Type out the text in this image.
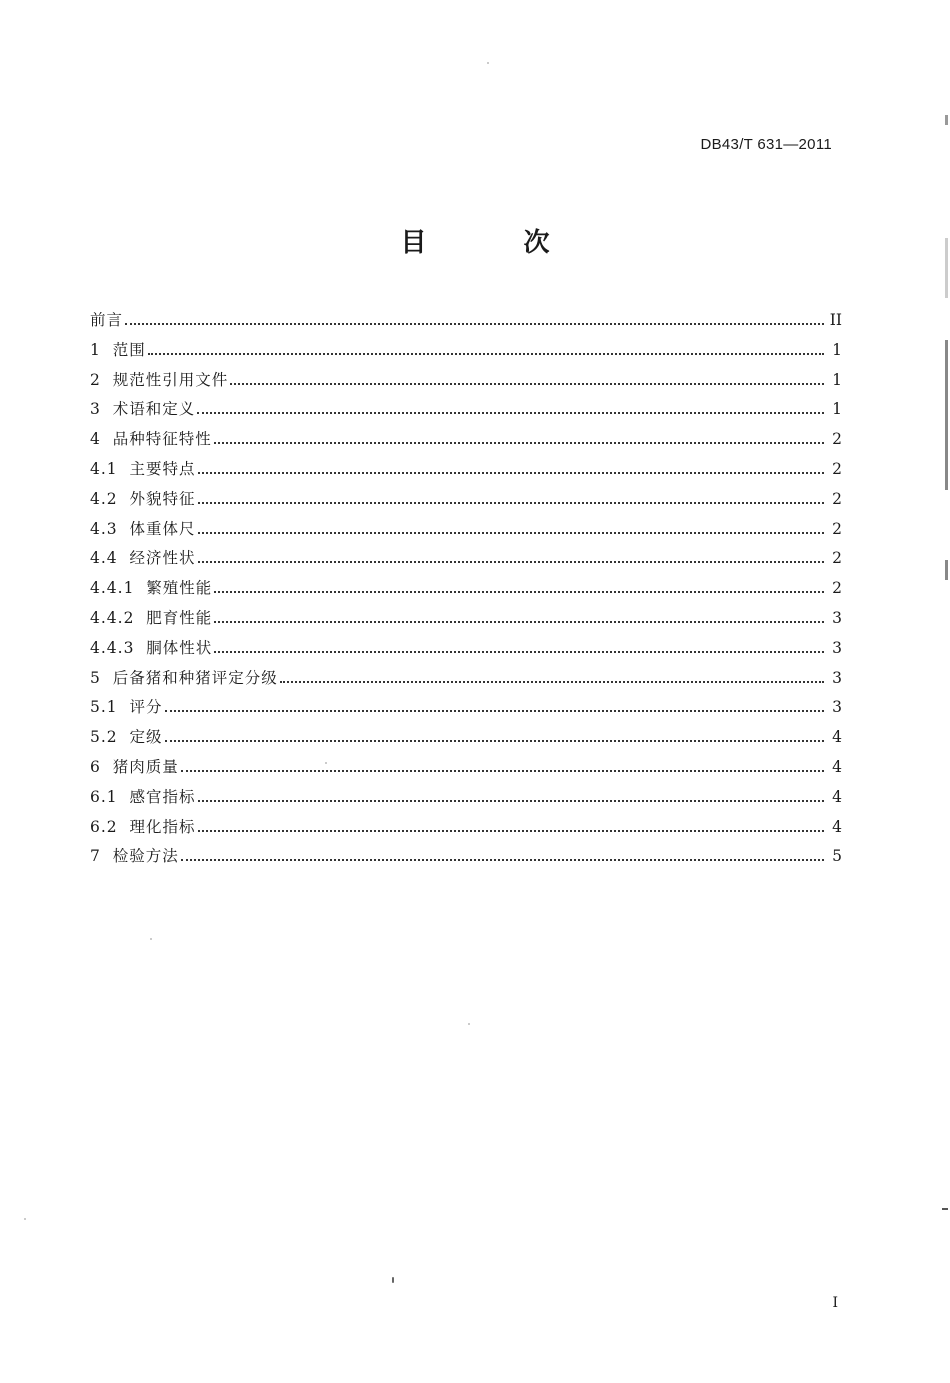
DB43/T 631—2011
目 次
前言	II
1 范围	1
2 规范性引用文件	1
3 术语和定义	1
4 品种特征特性	2
4.1 主要特点	2
4.2 外貌特征	2
4.3 体重体尺	2
4.4 经济性状	2
4.4.1 繁殖性能	2
4.4.2 肥育性能	3
4.4.3 胴体性状	3
5 后备猪和种猪评定分级	3
5.1 评分	3
5.2 定级	4
6 猪肉质量	4
6.1 感官指标	4
6.2 理化指标	4
7 检验方法	5
I
